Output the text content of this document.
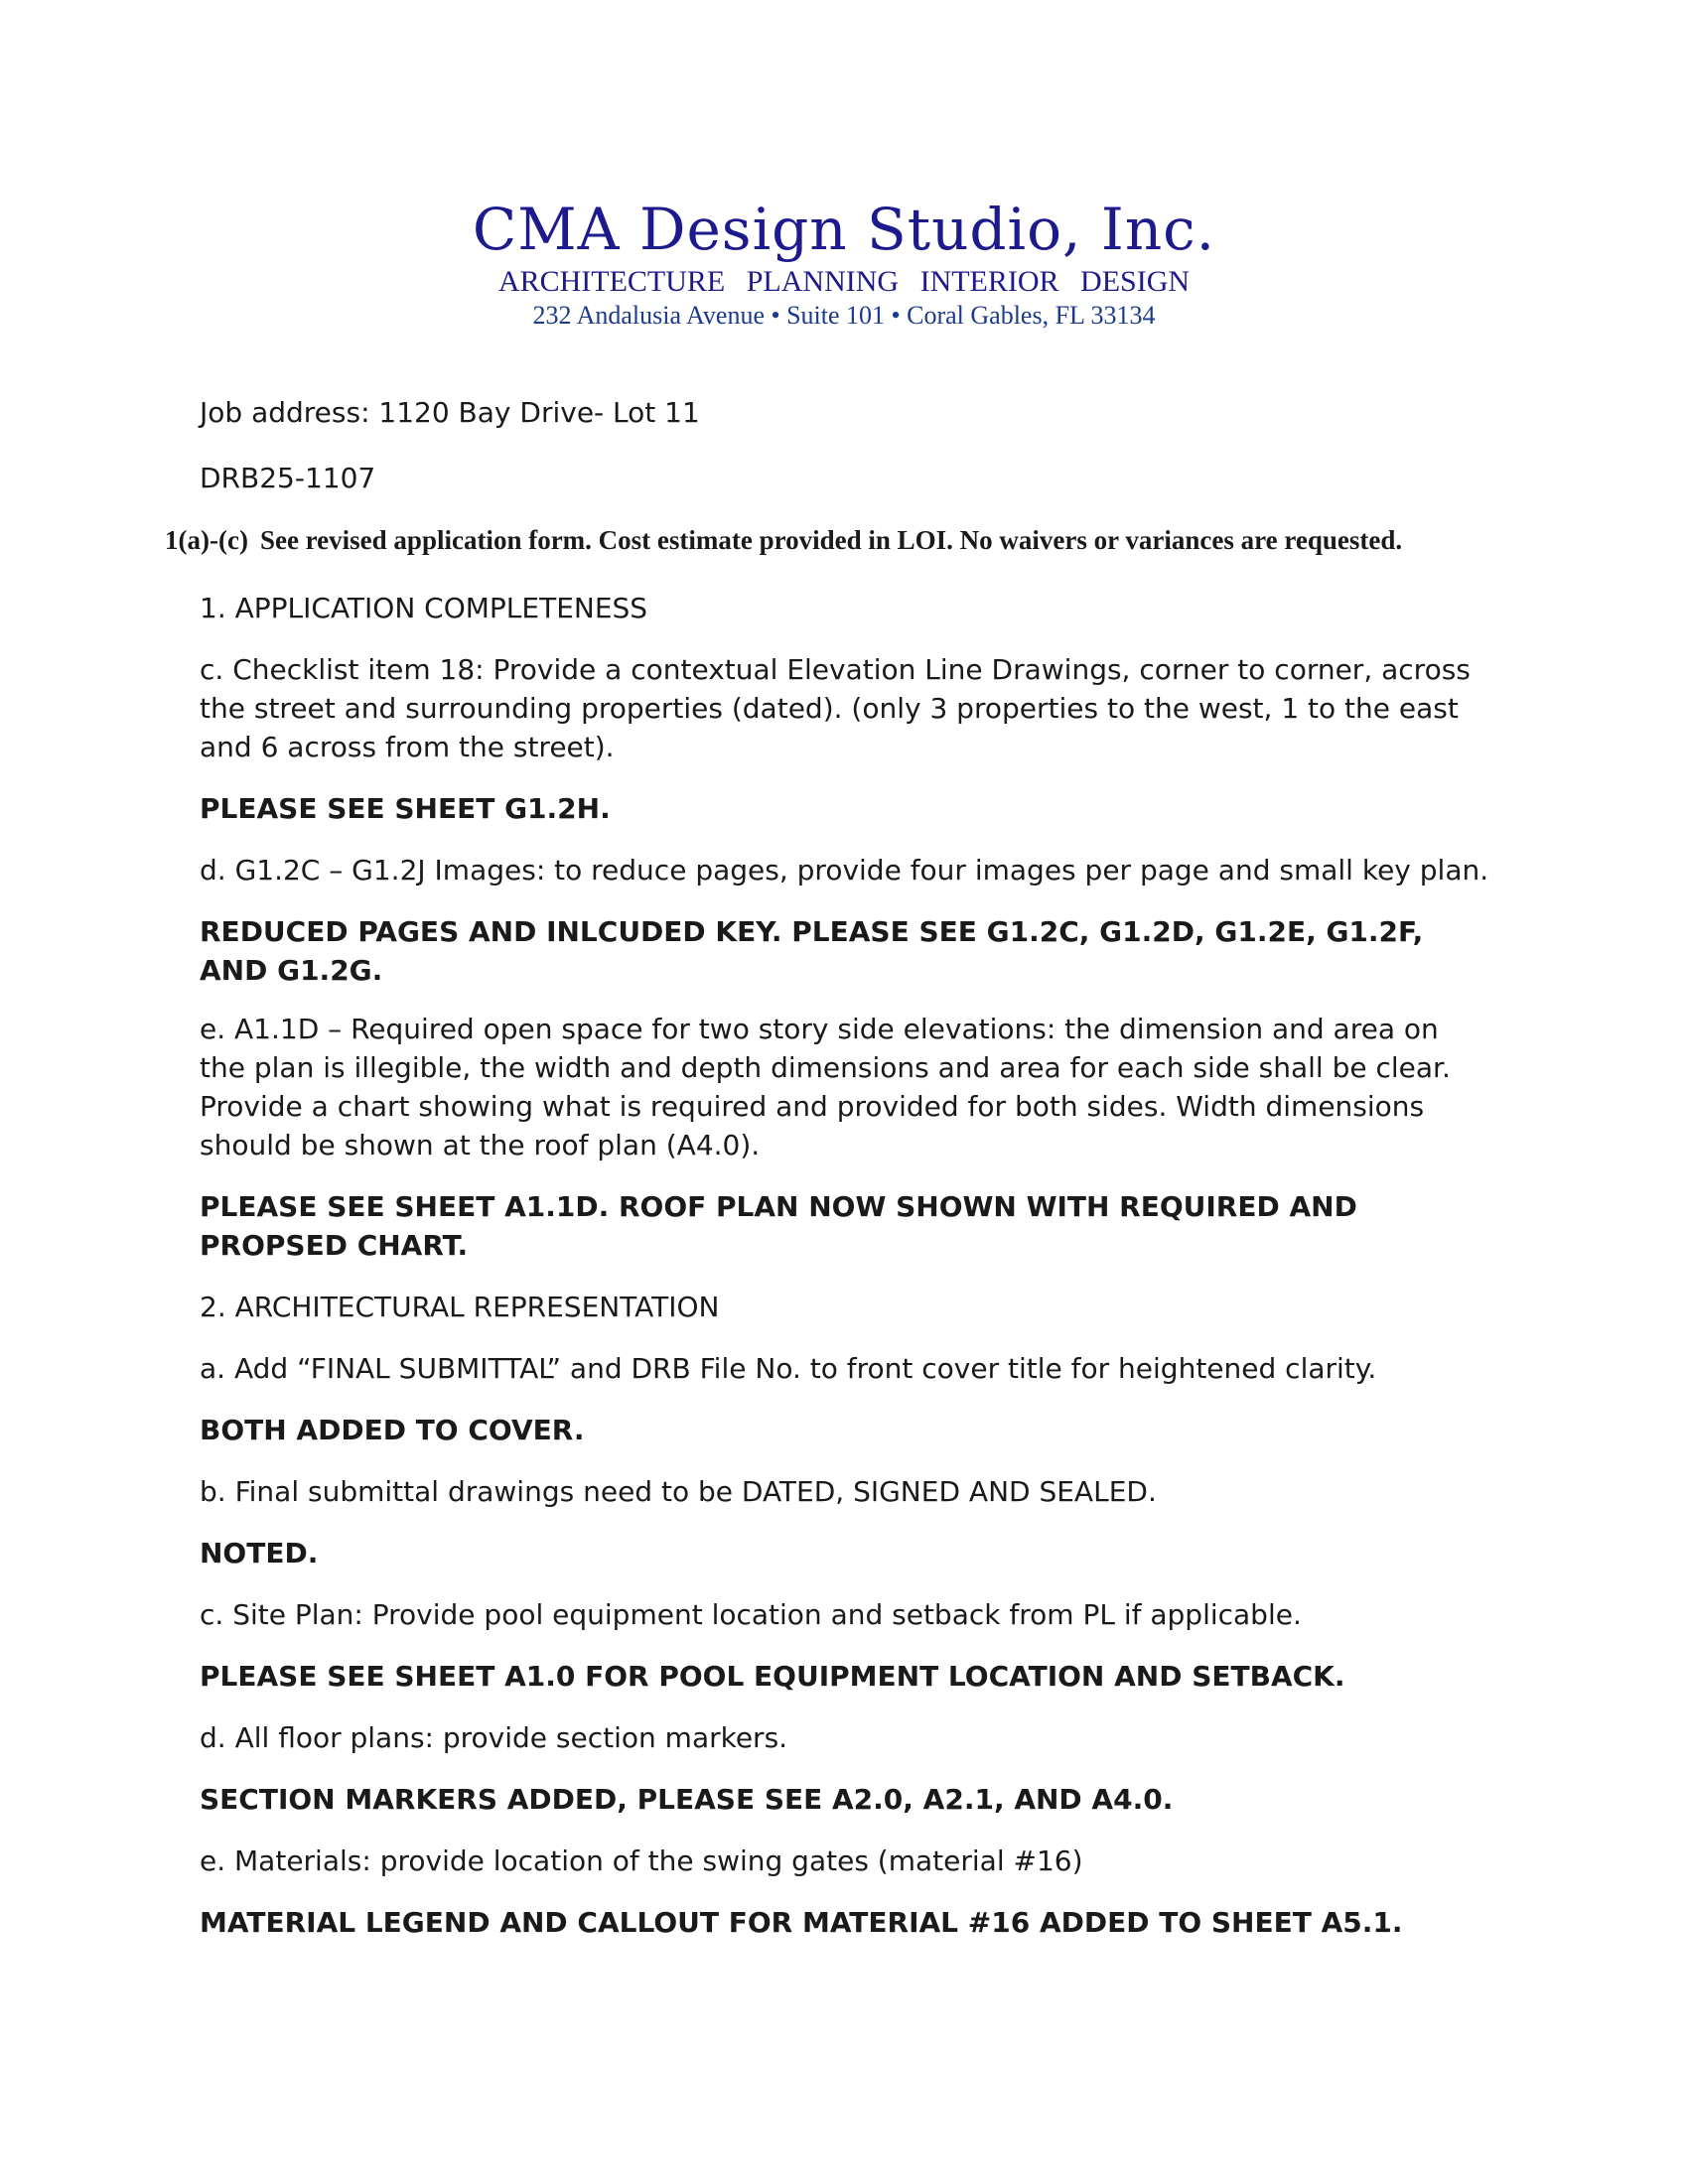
CMA Design Studio, Inc.
ARCHITECTURE PLANNING INTERIOR DESIGN
232 Andalusia Avenue • Suite 101 • Coral Gables, FL 33134

Job address: 1120 Bay Drive- Lot 11

DRB25-1107

1(a)-(c) See revised application form. Cost estimate provided in LOI. No waivers or variances are requested.

1. APPLICATION COMPLETENESS

c. Checklist item 18: Provide a contextual Elevation Line Drawings, corner to corner, across the street and surrounding properties (dated). (only 3 properties to the west, 1 to the east and 6 across from the street).

PLEASE SEE SHEET G1.2H.

d. G1.2C – G1.2J Images: to reduce pages, provide four images per page and small key plan.

REDUCED PAGES AND INLCUDED KEY. PLEASE SEE G1.2C, G1.2D, G1.2E, G1.2F, AND G1.2G.

e. A1.1D – Required open space for two story side elevations: the dimension and area on the plan is illegible, the width and depth dimensions and area for each side shall be clear. Provide a chart showing what is required and provided for both sides. Width dimensions should be shown at the roof plan (A4.0).

PLEASE SEE SHEET A1.1D. ROOF PLAN NOW SHOWN WITH REQUIRED AND PROPSED CHART.

2. ARCHITECTURAL REPRESENTATION

a. Add “FINAL SUBMITTAL” and DRB File No. to front cover title for heightened clarity.

BOTH ADDED TO COVER.

b. Final submittal drawings need to be DATED, SIGNED AND SEALED.

NOTED.

c. Site Plan: Provide pool equipment location and setback from PL if applicable.

PLEASE SEE SHEET A1.0 FOR POOL EQUIPMENT LOCATION AND SETBACK.

d. All floor plans: provide section markers.

SECTION MARKERS ADDED, PLEASE SEE A2.0, A2.1, AND A4.0.

e. Materials: provide location of the swing gates (material #16)

MATERIAL LEGEND AND CALLOUT FOR MATERIAL #16 ADDED TO SHEET A5.1.
